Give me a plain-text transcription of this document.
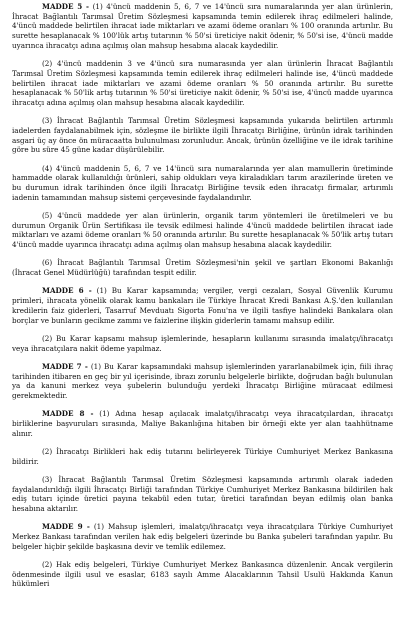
MADDE 5 - (1) 4'üncü maddenin 5, 6, 7 ve 14'üncü sıra numaralarında yer alan ürünlerin, İhracat Bağlantılı Tarımsal Üretim Sözleşmesi kapsamında temin edilerek ihraç edilmeleri halinde, 4'üncü maddede belirtilen ihracat iade miktarları ve azami ödeme oranları % 100 oranında artırılır. Bu surette hesaplanacak % 100'lük artış tutarının % 50'si üreticiye nakit ödenir, % 50'si ise, 4'üncü madde uyarınca ihracatçı adına açılmış olan mahsup hesabına alacak kaydedilir.

(2) 4'üncü maddenin 3 ve 4'üncü sıra numarasında yer alan ürünlerin İhracat Bağlantılı Tarımsal Üretim Sözleşmesi kapsamında temin edilerek ihraç edilmeleri halinde ise, 4'üncü maddede belirtilen ihracat iade miktarları ve azami ödeme oranları % 50 oranında artırılır. Bu surette hesaplanacak % 50'lik artış tutarının % 50'si üreticiye nakit ödenir, % 50'si ise, 4'üncü madde uyarınca ihracatçı adına açılmış olan mahsup hesabına alacak kaydedilir.

(3) İhracat Bağlantılı Tarımsal Üretim Sözleşmesi kapsamında yukarıda belirtilen artırımlı iadelerden faydalanabilmek için, sözleşme ile birlikte ilgili İhracatçı Birliğine, ürünün idrak tarihinden asgari üç ay önce ön müracaatta bulunulması zorunludur. Ancak, ürünün özelliğine ve ile idrak tarihine göre bu süre 45 güne kadar düşürülebilir.

(4) 4'üncü maddenin 5, 6, 7 ve 14'üncü sıra numaralarında yer alan mamullerin üretiminde hammadde olarak kullanıldığı ürünleri, sahip oldukları veya kiraladıkları tarım arazilerinde üreten ve bu durumun idrak tarihinden önce ilgili İhracatçı Birliğine tevsik eden ihracatçı firmalar, artırımlı iadenin tamamından mahsup sistemi çerçevesinde faydalandırılır.

(5) 4'üncü maddede yer alan ürünlerin, organik tarım yöntemleri ile üretilmeleri ve bu durumun Organik Ürün Sertifikası ile tevsik edilmesi halinde 4'üncü maddede belirtilen ihracat iade miktarları ve azami ödeme oranları % 50 oranında artırılır. Bu surette hesaplanacak % 50'lik artış tutarı 4'üncü madde uyarınca ihracatçı adına açılmış olan mahsup hesabına alacak kaydedilir.

(6) İhracat Bağlantılı Tarımsal Üretim Sözleşmesi'nin şekil ve şartları Ekonomi Bakanlığı (İhracat Genel Müdürlüğü) tarafından tespit edilir.

MADDE 6 - (1) Bu Karar kapsamında; vergiler, vergi cezaları, Sosyal Güvenlik Kurumu primleri, ihracata yönelik olarak kamu bankaları ile Türkiye İhracat Kredi Bankası A.Ş.'den kullanılan kredilerin faiz giderleri, Tasarruf Mevduatı Sigorta Fonu'na ve ilgili tasfiye halindeki Bankalara olan borçlar ve bunların gecikme zammı ve faizlerine ilişkin giderlerin tamamı mahsup edilir.

(2) Bu Karar kapsamı mahsup işlemlerinde, hesapların kullanımı sırasında imalatçı/ihracatçı veya ihracatçılara nakit ödeme yapılmaz.

MADDE 7 - (1) Bu Karar kapsamındaki mahsup işlemlerinden yararlanabilmek için, fiili ihraç tarihinden itibaren en geç bir yıl içerisinde, ibrazı zorunlu belgelerle birlikte, doğrudan bağlı bulunulan ya da kanuni merkez veya şubelerin bulunduğu yerdeki İhracatçı Birliğine müracaat edilmesi gerekmektedir.

MADDE 8 - (1) Adına hesap açılacak imalatçı/ihracatçı veya ihracatçılardan, ihracatçı birliklerine başvuruları sırasında, Maliye Bakanlığına hitaben bir örneği ekte yer alan taahhütname alınır.

(2) İhracatçı Birlikleri hak ediş tutarını belirleyerek Türkiye Cumhuriyet Merkez Bankasına bildirir.

(3) İhracat Bağlantılı Tarımsal Üretim Sözleşmesi kapsamında artırımlı olarak iadeden faydalandırıldığı ilgili İhracatçı Birliği tarafından Türkiye Cumhuriyet Merkez Bankasına bildirilen hak ediş tutarı içinde üretici payına tekabül eden tutar, üretici tarafından beyan edilmiş olan banka hesabına aktarılır.

MADDE 9 - (1) Mahsup işlemleri, imalatçı/ihracatçı veya ihracatçılara Türkiye Cumhuriyet Merkez Bankası tarafından verilen hak ediş belgeleri üzerinde bu Banka şubeleri tarafından yapılır. Bu belgeler hiçbir şekilde başkasına devir ve temlik edilemez.

(2) Hak ediş belgeleri, Türkiye Cumhuriyet Merkez Bankasınca düzenlenir. Ancak vergilerin ödenmesinde ilgili usul ve esaslar, 6183 sayılı Amme Alacaklarının Tahsil Usulü Hakkında Kanun hükümleri
